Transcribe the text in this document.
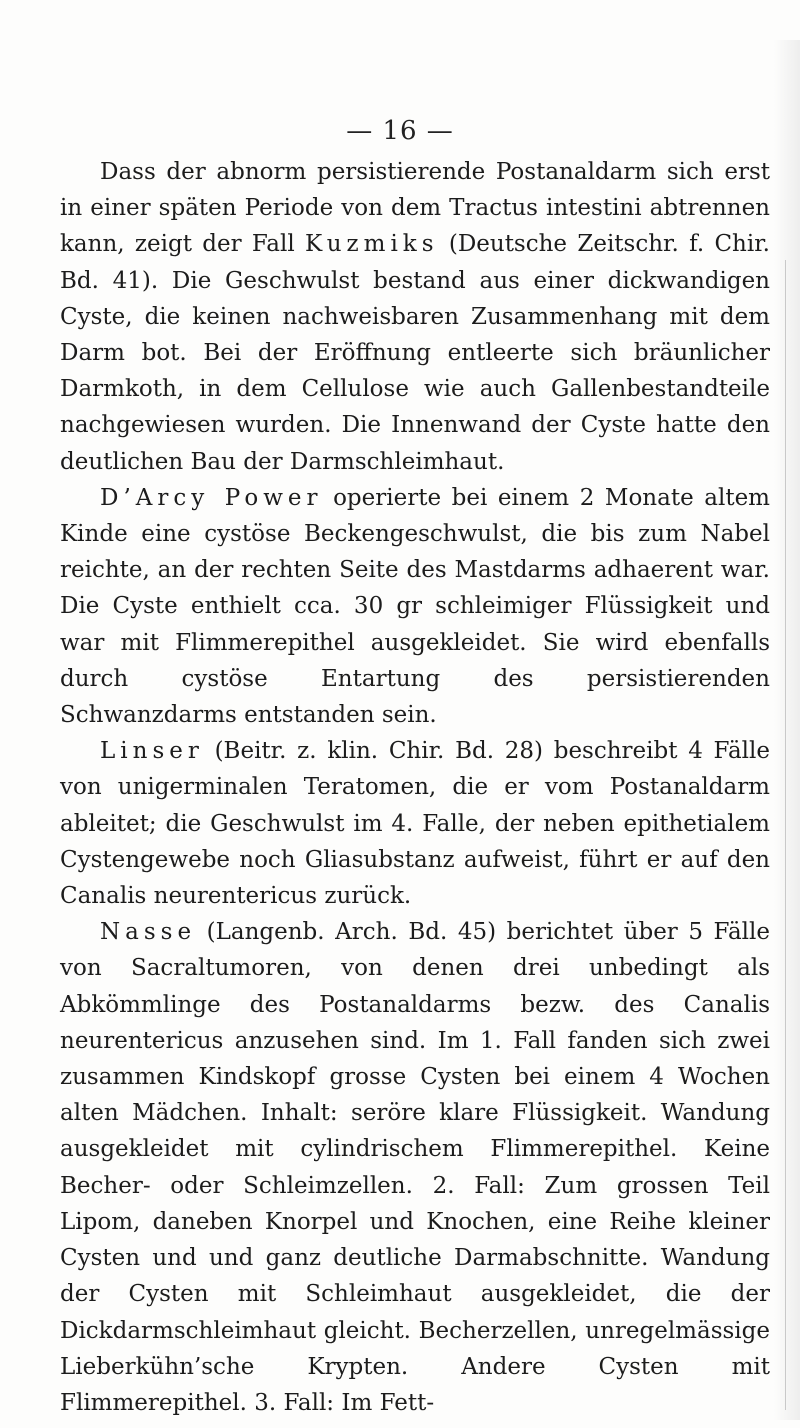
— 16 —

Dass der abnorm persistierende Postanaldarm sich erst in einer späten Periode von dem Tractus intestini abtrennen kann, zeigt der Fall Kuzmiks (Deutsche Zeitschr. f. Chir. Bd. 41). Die Geschwulst bestand aus einer dickwandigen Cyste, die keinen nachweisbaren Zusammenhang mit dem Darm bot. Bei der Eröffnung entleerte sich bräunlicher Darmkoth, in dem Cellulose wie auch Gallenbestandteile nachgewiesen wurden. Die Innenwand der Cyste hatte den deutlichen Bau der Darmschleimhaut.

D’Arcy Power operierte bei einem 2 Monate altem Kinde eine cystöse Beckengeschwulst, die bis zum Nabel reichte, an der rechten Seite des Mastdarms adhaerent war. Die Cyste enthielt cca. 30 gr schleimiger Flüssigkeit und war mit Flimmerepithel ausgekleidet. Sie wird ebenfalls durch cystöse Entartung des persistierenden Schwanzdarms entstanden sein.

Linser (Beitr. z. klin. Chir. Bd. 28) beschreibt 4 Fälle von unigerminalen Teratomen, die er vom Postanaldarm ableitet; die Geschwulst im 4. Falle, der neben epithetialem Cystengewebe noch Gliasubstanz aufweist, führt er auf den Canalis neurentericus zurück.

Nasse (Langenb. Arch. Bd. 45) berichtet über 5 Fälle von Sacraltumoren, von denen drei unbedingt als Abkömmlinge des Postanaldarms bezw. des Canalis neurentericus anzusehen sind. Im 1. Fall fanden sich zwei zusammen Kindskopf grosse Cysten bei einem 4 Wochen alten Mädchen. Inhalt: seröre klare Flüssigkeit. Wandung ausgekleidet mit cylindrischem Flimmerepithel. Keine Becher- oder Schleimzellen. 2. Fall: Zum grossen Teil Lipom, daneben Knorpel und Knochen, eine Reihe kleiner Cysten und und ganz deutliche Darmabschnitte. Wandung der Cysten mit Schleimhaut ausgekleidet, die der Dickdarmschleimhaut gleicht. Becherzellen, unregelmässige Lieberkühn’sche Krypten. Andere Cysten mit Flimmerepithel. 3. Fall: Im Fett-
